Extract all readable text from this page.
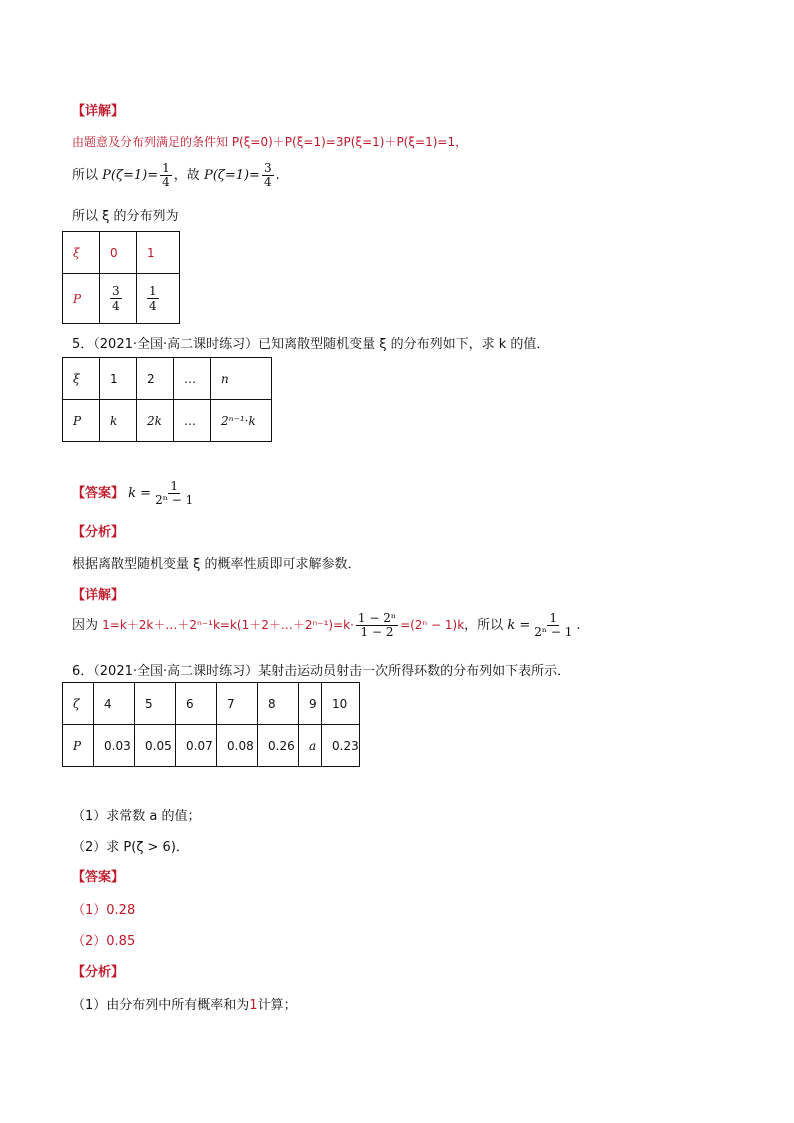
【详解】
由题意及分布列满足的条件知 P(ξ=0)＋P(ξ=1)=3P(ξ=1)＋P(ξ=1)=1，
所以 $P(\zeta=1)= \frac{1}{4}$ ，故 $P(\zeta=1)= \frac{3}{4}$ .
所以 ξ 的分布列为
ξ	0	1
P	$\frac{3}{4}$	$\frac{1}{4}$
5．（2021·全国·高二课时练习）已知离散型随机变量 ξ 的分布列如下，求 k 的值．
ξ	1	2	…	n
P	k	2k	…	2ⁿ⁻¹·k
【答案】 $k = \frac{1}{\text{2ⁿ − 1}}$
【分析】
根据离散型随机变量 ξ 的概率性质即可求解参数．
【详解】
因为 1=k＋2k＋…＋2ⁿ⁻¹k=k(1＋2＋…＋2ⁿ⁻¹)=k· $\frac{\text{1 − 2ⁿ}}{1 - 2} =(2^n - 1)k$，所以 $k = \frac{1}{\text{2ⁿ − 1}}$ .
6．（2021·全国·高二课时练习）某射击运动员射击一次所得环数的分布列如下表所示．
ζ	4	5	6	7	8	9	10
P	0.03	0.05	0.07	0.08	0.26	a	0.23
（1）求常数 a 的值；
（2）求 P(ζ > 6)．
【答案】
（1）0.28
（2）0.85
【分析】
（1）由分布列中所有概率和为1计算；
